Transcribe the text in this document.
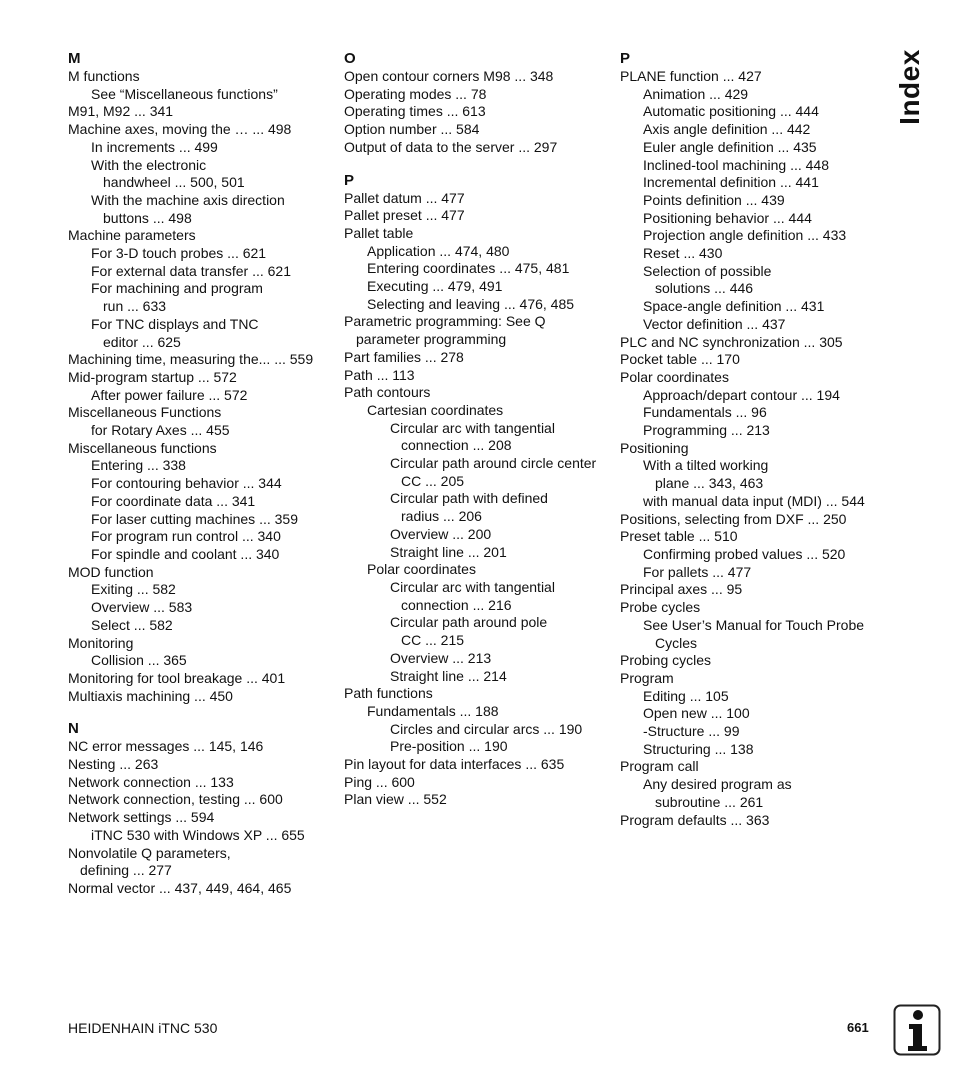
M
M functions
See “Miscellaneous functions”
M91, M92 ... 341
Machine axes, moving the … ... 498
In increments ... 499
With the electronic
handwheel ... 500, 501
With the machine axis direction
buttons ... 498
Machine parameters
For 3-D touch probes ... 621
For external data transfer ... 621
For machining and program
run ... 633
For TNC displays and TNC
editor ... 625
Machining time, measuring the... ... 559
Mid-program startup ... 572
After power failure ... 572
Miscellaneous Functions
for Rotary Axes ... 455
Miscellaneous functions
Entering ... 338
For contouring behavior ... 344
For coordinate data ... 341
For laser cutting machines ... 359
For program run control ... 340
For spindle and coolant ... 340
MOD function
Exiting ... 582
Overview ... 583
Select ... 582
Monitoring
Collision ... 365
Monitoring for tool breakage ... 401
Multiaxis machining ... 450
N
NC error messages ... 145, 146
Nesting ... 263
Network connection ... 133
Network connection, testing ... 600
Network settings ... 594
iTNC 530 with Windows XP ... 655
Nonvolatile Q parameters,
defining ... 277
Normal vector ... 437, 449, 464, 465
O
Open contour corners M98 ... 348
Operating modes ... 78
Operating times ... 613
Option number ... 584
Output of data to the server ... 297
P
Pallet datum ... 477
Pallet preset ... 477
Pallet table
Application ... 474, 480
Entering coordinates ... 475, 481
Executing ... 479, 491
Selecting and leaving ... 476, 485
Parametric programming: See Q
parameter programming
Part families ... 278
Path ... 113
Path contours
Cartesian coordinates
Circular arc with tangential
connection ... 208
Circular path around circle center
CC ... 205
Circular path with defined
radius ... 206
Overview ... 200
Straight line ... 201
Polar coordinates
Circular arc with tangential
connection ... 216
Circular path around pole
CC ... 215
Overview ... 213
Straight line ... 214
Path functions
Fundamentals ... 188
Circles and circular arcs ... 190
Pre-position ... 190
Pin layout for data interfaces ... 635
Ping ... 600
Plan view ... 552
P
PLANE function ... 427
Animation ... 429
Automatic positioning ... 444
Axis angle definition ... 442
Euler angle definition ... 435
Inclined-tool machining ... 448
Incremental definition ... 441
Points definition ... 439
Positioning behavior ... 444
Projection angle definition ... 433
Reset ... 430
Selection of possible
solutions ... 446
Space-angle definition ... 431
Vector definition ... 437
PLC and NC synchronization ... 305
Pocket table ... 170
Polar coordinates
Approach/depart contour ... 194
Fundamentals ... 96
Programming ... 213
Positioning
With a tilted working
plane ... 343, 463
with manual data input (MDI) ... 544
Positions, selecting from DXF ... 250
Preset table ... 510
Confirming probed values ... 520
For pallets ... 477
Principal axes ... 95
Probe cycles
See User’s Manual for Touch Probe
Cycles
Probing cycles
Program
Editing ... 105
Open new ... 100
-Structure ... 99
Structuring ... 138
Program call
Any desired program as
subroutine ... 261
Program defaults ... 363
Index
HEIDENHAIN iTNC 530	661
